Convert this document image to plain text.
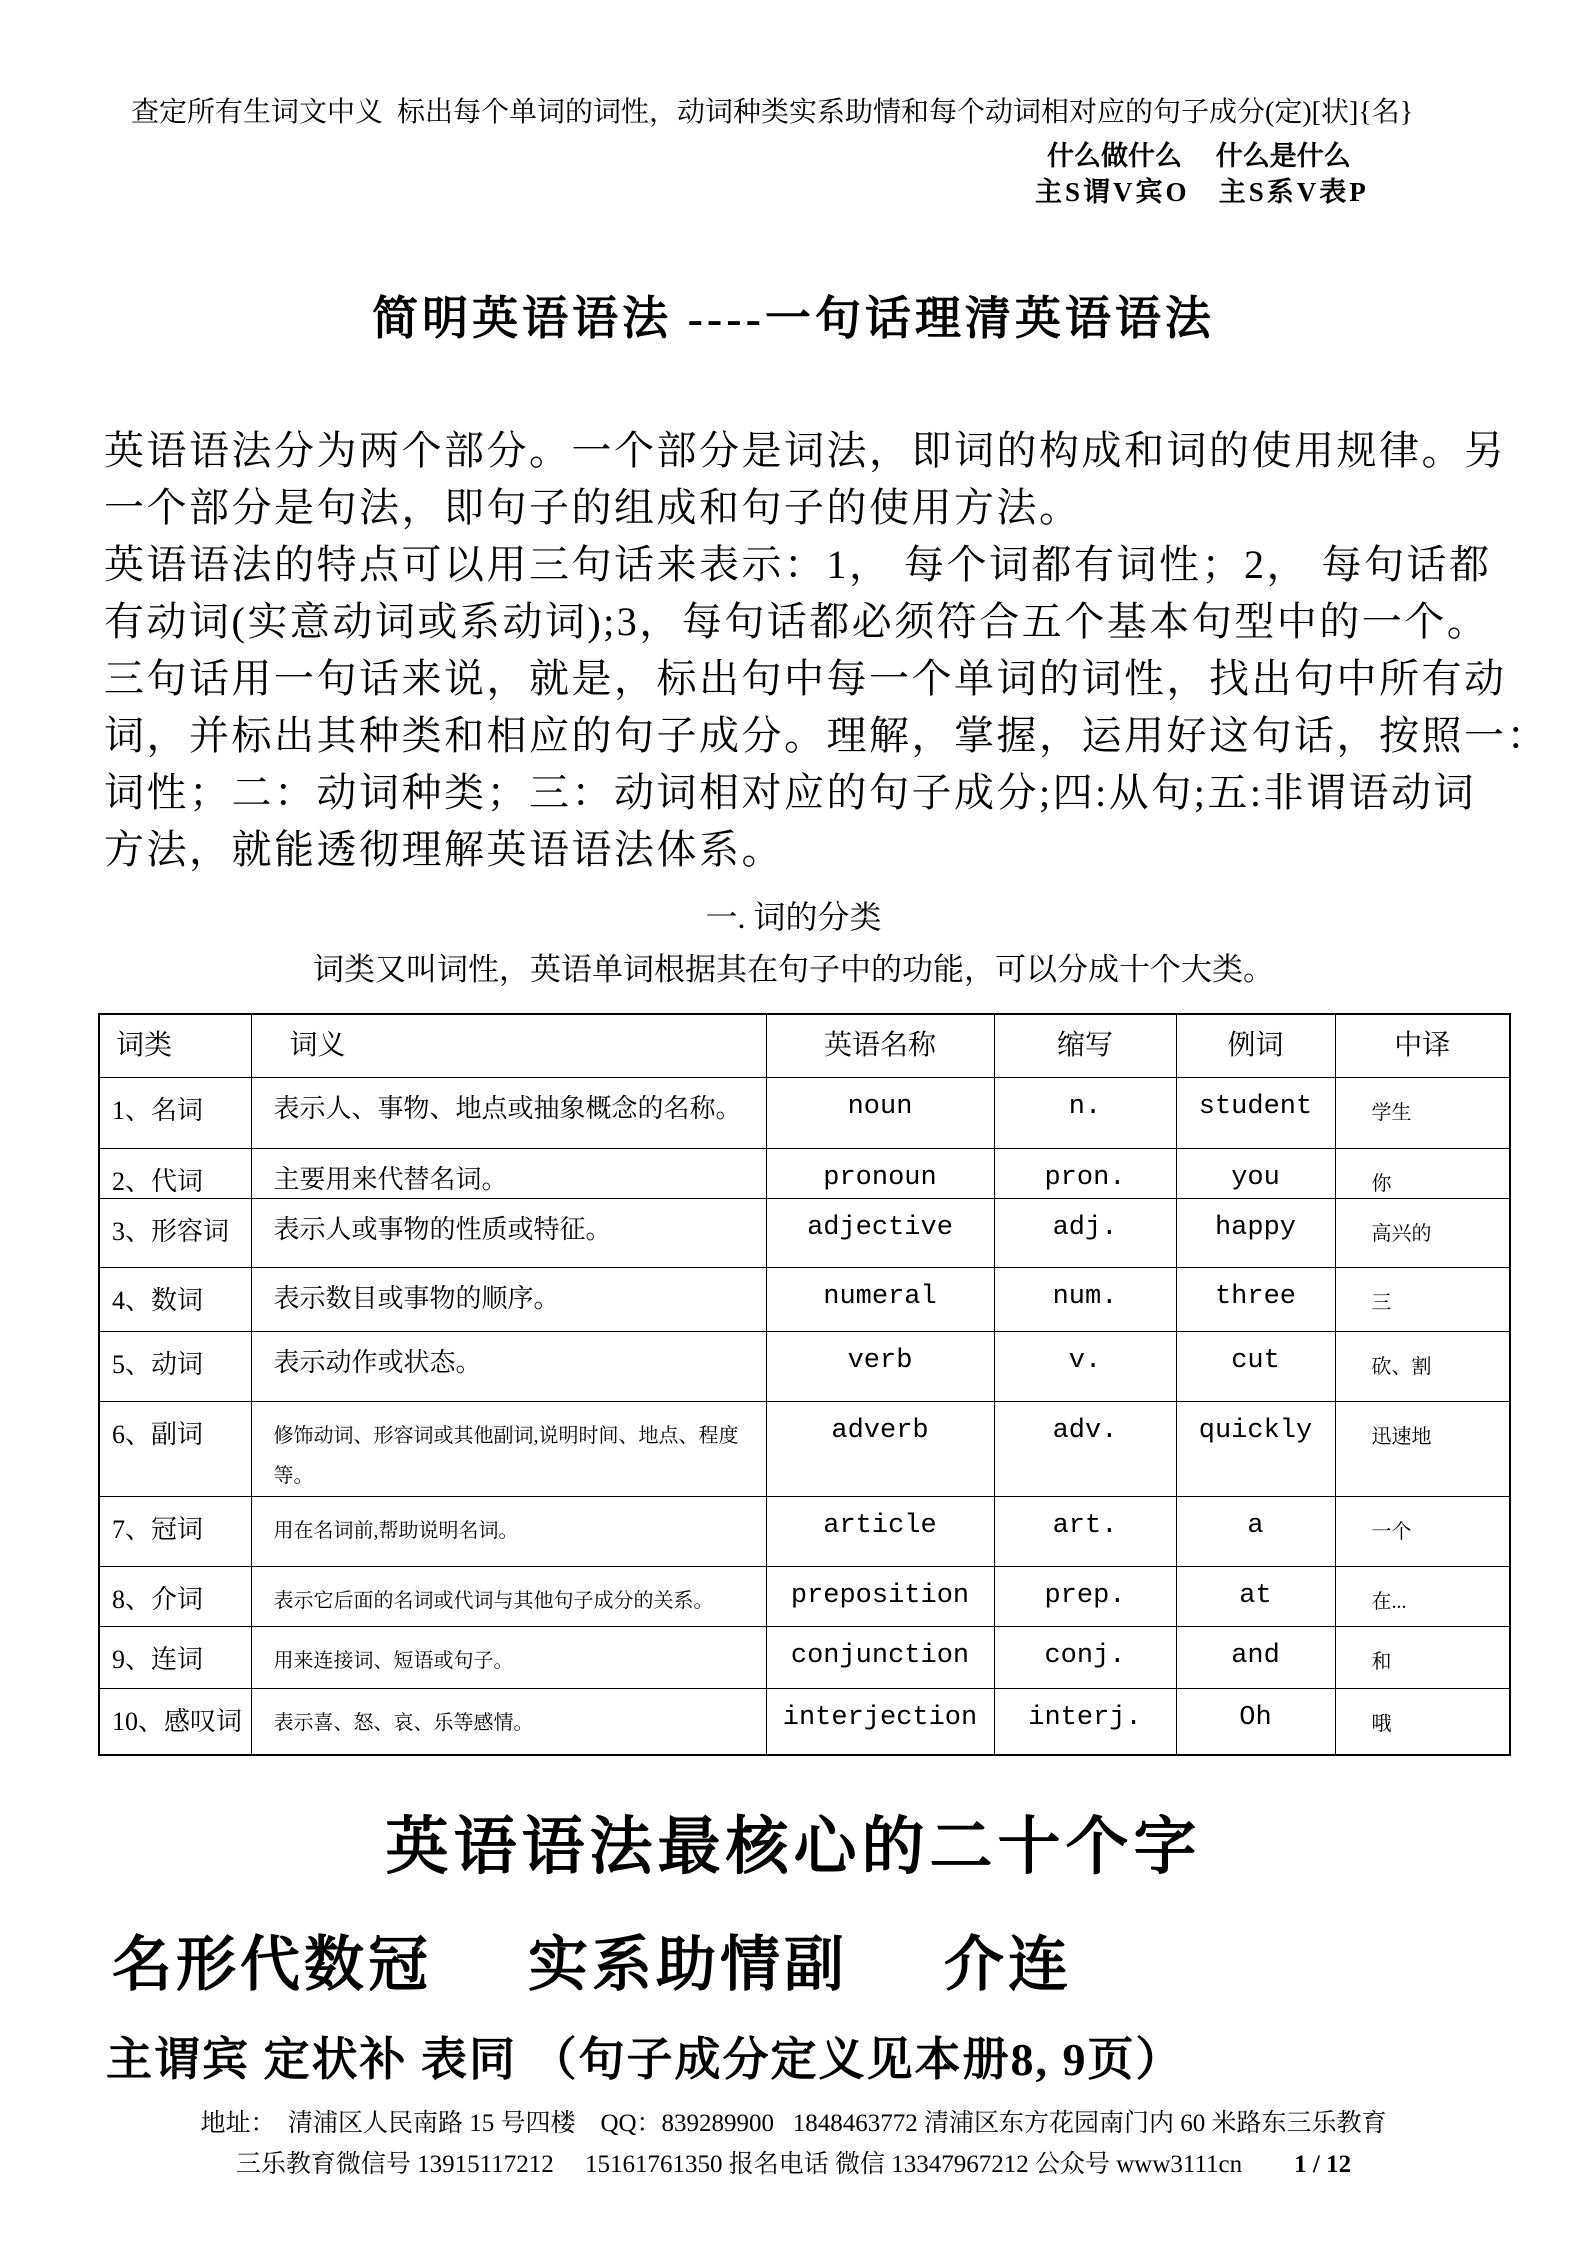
查定所有生词文中义  标出每个单词的词性，动词种类实系助情和每个动词相对应的句子成分(定)[状]{名}
什么做什么     什么是什么
主S谓V宾O   主S系V表P
简明英语语法 ----一句话理清英语语法
英语语法分为两个部分。一个部分是词法，即词的构成和词的使用规律。另
一个部分是句法，即句子的组成和句子的使用方法。
英语语法的特点可以用三句话来表示：1， 每个词都有词性；2， 每句话都
有动词(实意动词或系动词);3，每句话都必须符合五个基本句型中的一个。
三句话用一句话来说，就是，标出句中每一个单词的词性，找出句中所有动
词，并标出其种类和相应的句子成分。理解，掌握，运用好这句话，按照一：
词性；二：动词种类；三：动词相对应的句子成分;四:从句;五:非谓语动词
方法，就能透彻理解英语语法体系。
一. 词的分类
词类又叫词性，英语单词根据其在句子中的功能，可以分成十个大类。
词类	词义	英语名称	缩写	例词	中译
1、名词	表示人、事物、地点或抽象概念的名称。	noun	n.	student	学生
2、代词	主要用来代替名词。	pronoun	pron.	you	你
3、形容词	表示人或事物的性质或特征。	adjective	adj.	happy	高兴的
4、数词	表示数目或事物的顺序。	numeral	num.	three	三
5、动词	表示动作或状态。	verb	v.	cut	砍、割
6、副词	修饰动词、形容词或其他副词,说明时间、地点、程度等。	adverb	adv.	quickly	迅速地
7、冠词	用在名词前,帮助说明名词。	article	art.	a	一个
8、介词	表示它后面的名词或代词与其他句子成分的关系。	preposition	prep.	at	在...
9、连词	用来连接词、短语或句子。	conjunction	conj.	and	和
10、感叹词	表示喜、怒、哀、乐等感情。	interjection	interj.	Oh	哦
英语语法最核心的二十个字
名形代数冠 实系助情副 介连
主谓宾 定状补 表同 （句子成分定义见本册8, 9页）
地址：  清浦区人民南路 15 号四楼    QQ：839289900   1848463772 清浦区东方花园南门内 60 米路东三乐教育
三乐教育微信号 13915117212     15161761350 报名电话 微信 13347967212 公众号 www3111cn 1 / 12
